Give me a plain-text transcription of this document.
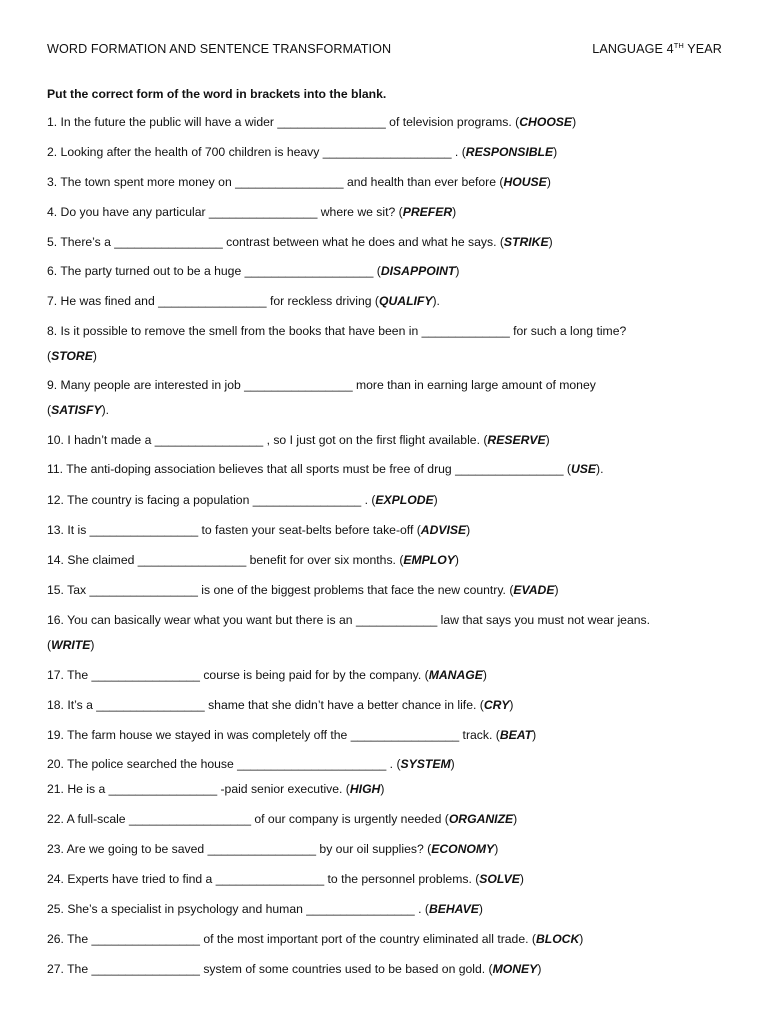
WORD FORMATION AND SENTENCE TRANSFORMATION	LANGUAGE 4TH YEAR
Put the correct form of the word in brackets into the blank.
1. In the future the public will have a wider ________________ of television programs. (CHOOSE)
2. Looking after the health of 700 children is heavy ___________________ . (RESPONSIBLE)
3. The town spent more money on ________________ and health than ever before (HOUSE)
4. Do you have any particular ________________ where we sit? (PREFER)
5. There’s a ________________ contrast between what he does and what he says. (STRIKE)
6. The party turned out to be a huge ___________________ (DISAPPOINT)
7. He was fined and ________________ for reckless driving (QUALIFY).
8. Is it possible to remove the smell from the books that have been in _____________ for such a long time?
(STORE)
9. Many people are interested in job ________________ more than in earning large amount of money
(SATISFY).
10. I hadn’t made a ________________ , so I just got on the first flight available. (RESERVE)
11. The anti-doping association believes that all sports must be free of drug ________________ (USE).
12. The country is facing a population ________________ . (EXPLODE)
13. It is ________________ to fasten your seat-belts before take-off (ADVISE)
14. She claimed ________________ benefit for over six months. (EMPLOY)
15. Tax ________________ is one of the biggest problems that face the new country. (EVADE)
16. You can basically wear what you want but there is an ____________ law that says you must not wear jeans.
(WRITE)
17. The ________________ course is being paid for by the company. (MANAGE)
18. It’s a ________________ shame that she didn’t have a better chance in life. (CRY)
19. The farm house we stayed in was completely off the ________________ track. (BEAT)
20. The police searched the house ______________________ . (SYSTEM)
21. He is a ________________ -paid senior executive. (HIGH)
22. A full-scale __________________ of our company is urgently needed (ORGANIZE)
23. Are we going to be saved ________________ by our oil supplies? (ECONOMY)
24. Experts have tried to find a ________________ to the personnel problems. (SOLVE)
25. She’s a specialist in psychology and human ________________ . (BEHAVE)
26. The ________________ of the most important port of the country eliminated all trade. (BLOCK)
27. The ________________ system of some countries used to be based on gold. (MONEY)
